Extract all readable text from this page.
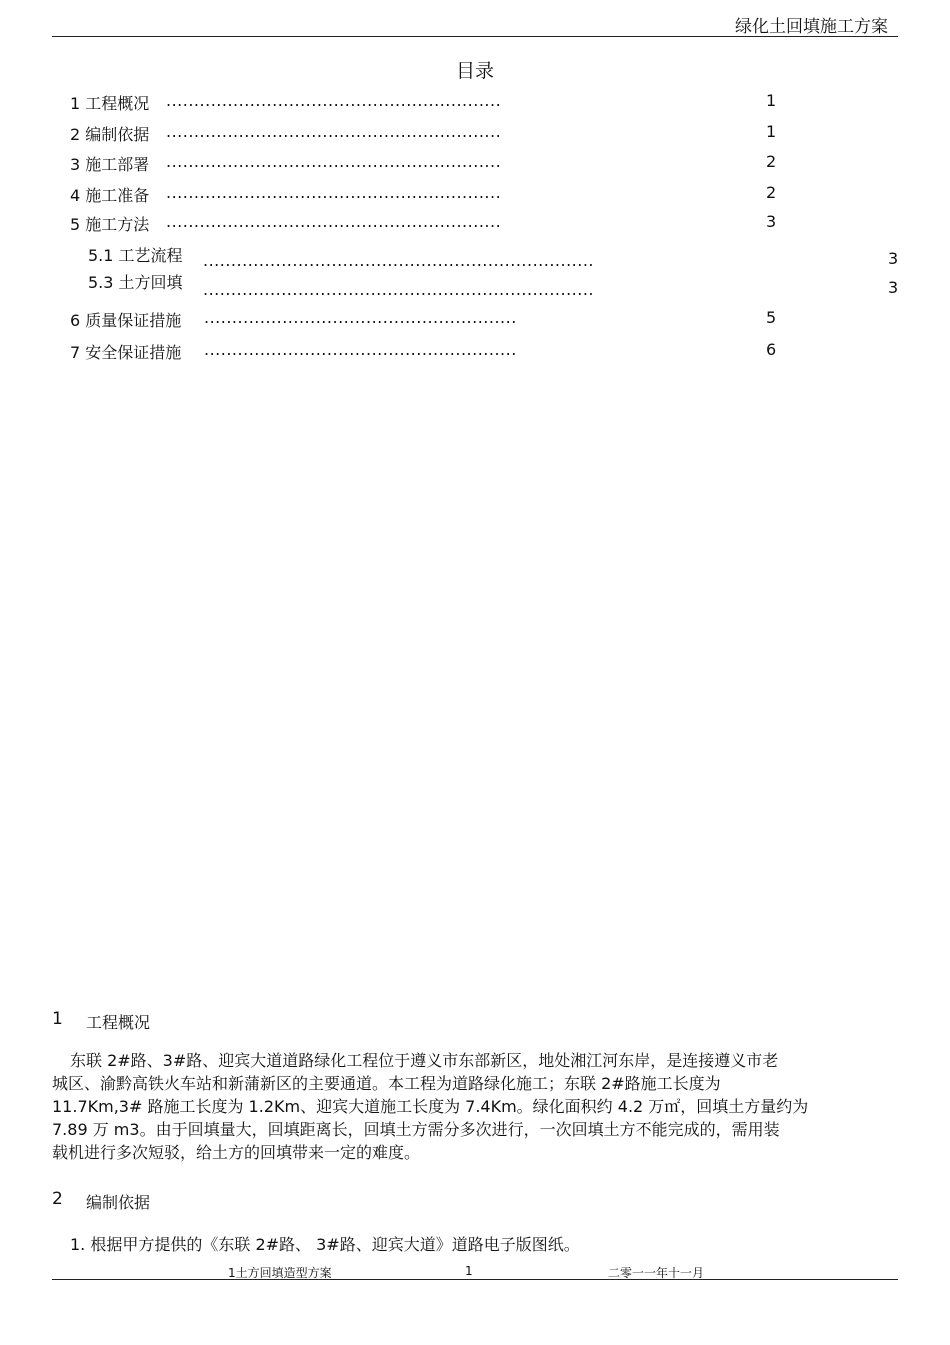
绿化土回填施工方案
目录
1 工程概况 ............................................................	1
2 编制依据 ............................................................	1
3 施工部署 ............................................................	2
4 施工准备 ............................................................	2
5 施工方法 ............................................................	3
5.1 工艺流程 ......................................................................	3
5.3 土方回填 ......................................................................	3
6 质量保证措施 ........................................................	5
7 安全保证措施 ........................................................	6
1 工程概况

东联 2#路、3#路、迎宾大道道路绿化工程位于遵义市东部新区，地处湘江河东岸，是连接遵义市老

城区、渝黔高铁火车站和新蒲新区的主要通道。本工程为道路绿化施工；东联 2#路施工长度为

11.7Km,3# 路施工长度为 1.2Km、迎宾大道施工长度为 7.4Km。绿化面积约 4.2 万㎡，回填土方量约为

7.89 万 m3。由于回填量大，回填距离长，回填土方需分多次进行，一次回填土方不能完成的，需用装

载机进行多次短驳，给土方的回填带来一定的难度。

2 编制依据

1. 根据甲方提供的《东联 2#路、 3#路、迎宾大道》道路电子版图纸。

1土方回填造型方案	1	二零一一年十一月
